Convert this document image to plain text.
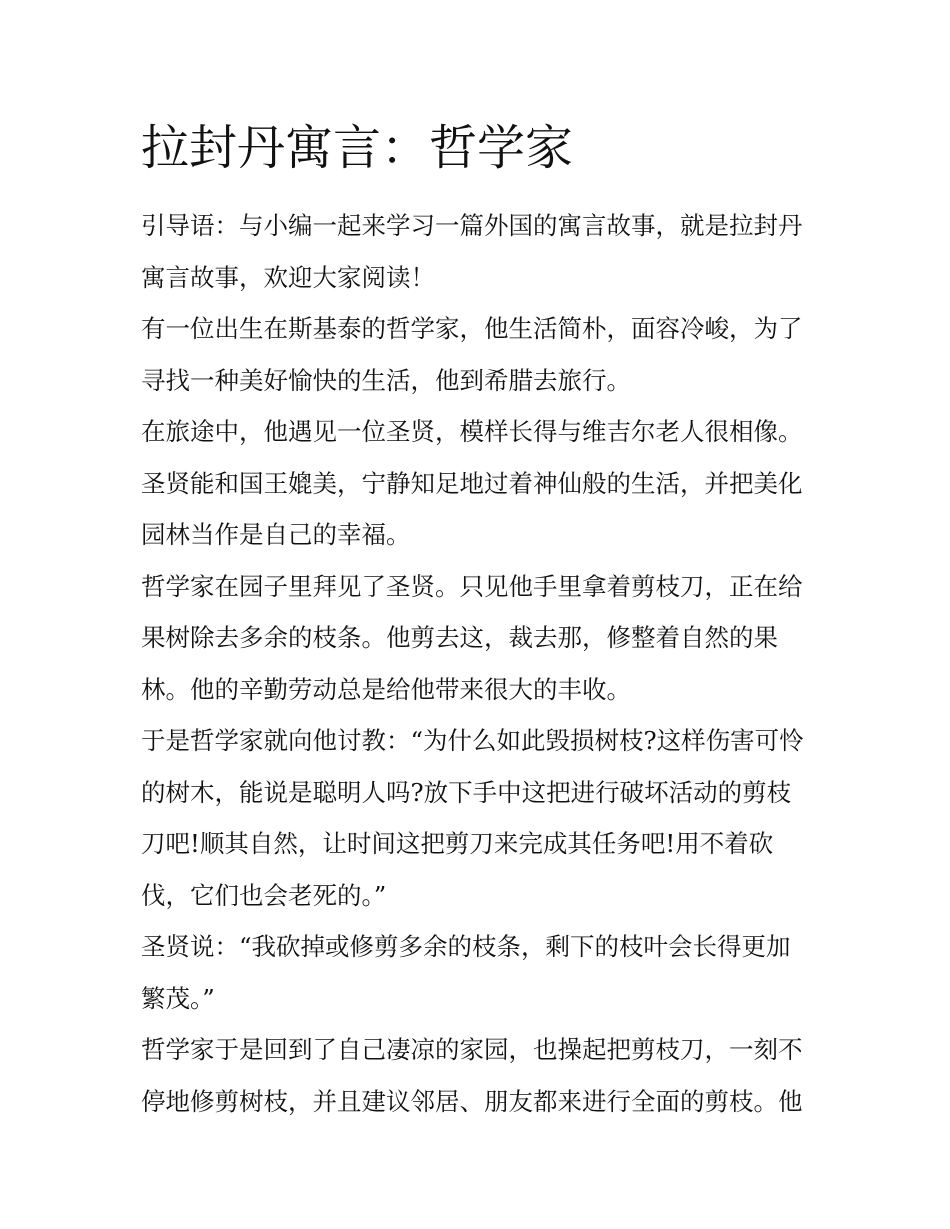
拉封丹寓言：哲学家

引导语：与小编一起来学习一篇外国的寓言故事，就是拉封丹
寓言故事，欢迎大家阅读！

有一位出生在斯基泰的哲学家，他生活简朴，面容冷峻，为了
寻找一种美好愉快的生活，他到希腊去旅行。

在旅途中，他遇见一位圣贤，模样长得与维吉尔老人很相像。
圣贤能和国王媲美，宁静知足地过着神仙般的生活，并把美化
园林当作是自己的幸福。

哲学家在园子里拜见了圣贤。只见他手里拿着剪枝刀，正在给
果树除去多余的枝条。他剪去这，裁去那，修整着自然的果
林。他的辛勤劳动总是给他带来很大的丰收。

于是哲学家就向他讨教：“为什么如此毁损树枝?这样伤害可怜
的树木，能说是聪明人吗?放下手中这把进行破坏活动的剪枝
刀吧!顺其自然，让时间这把剪刀来完成其任务吧!用不着砍
伐，它们也会老死的。”

圣贤说：“我砍掉或修剪多余的枝条，剩下的枝叶会长得更加
繁茂。”

哲学家于是回到了自己凄凉的家园，也操起把剪枝刀，一刻不
停地修剪树枝，并且建议邻居、朋友都来进行全面的剪枝。他
